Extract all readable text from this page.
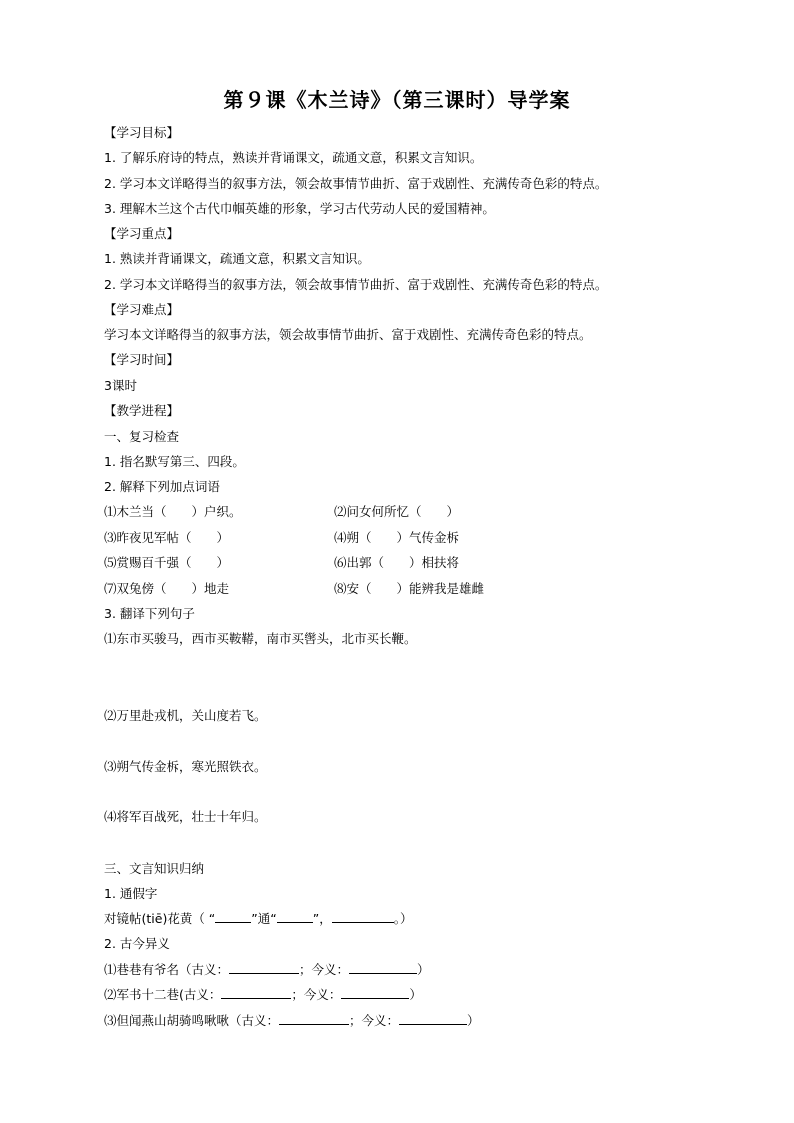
第９课《木兰诗》（第三课时）导学案
【学习目标】
1. 了解乐府诗的特点，熟读并背诵课文，疏通文意，积累文言知识。
2. 学习本文详略得当的叙事方法，领会故事情节曲折、富于戏剧性、充满传奇色彩的特点。
3. 理解木兰这个古代巾帼英雄的形象，学习古代劳动人民的爱国精神。
【学习重点】
1. 熟读并背诵课文，疏通文意，积累文言知识。
2. 学习本文详略得当的叙事方法，领会故事情节曲折、富于戏剧性、充满传奇色彩的特点。
【学习难点】
学习本文详略得当的叙事方法，领会故事情节曲折、富于戏剧性、充满传奇色彩的特点。
【学习时间】
3课时
【教学进程】
一、复习检查
1. 指名默写第三、四段。
2. 解释下列加点词语
⑴木兰当（　　）户织。	⑵问女何所忆（　　）
⑶昨夜见军帖（　　）	⑷朔（　　）气传金柝
⑸赏赐百千强（　　）	⑹出郭（　　）相扶将
⑺双兔傍（　　）地走	⑻安（　　）能辨我是雄雌
3. 翻译下列句子
⑴东市买骏马，西市买鞍鞯，南市买辔头，北市买长鞭。
⑵万里赴戎机，关山度若飞。
⑶朔气传金柝，寒光照铁衣。
⑷将军百战死，壮士十年归。
三、文言知识归纳
1. 通假字
对镜帖(tiē)花黄（ “	”通“	”，	。）
2. 古今异义
⑴巷巷有爷名（古义：	；今义：	）
⑵军书十二巷(古义：	；今义：	）
⑶但闻燕山胡骑鸣啾啾（古义：	；今义：	）
